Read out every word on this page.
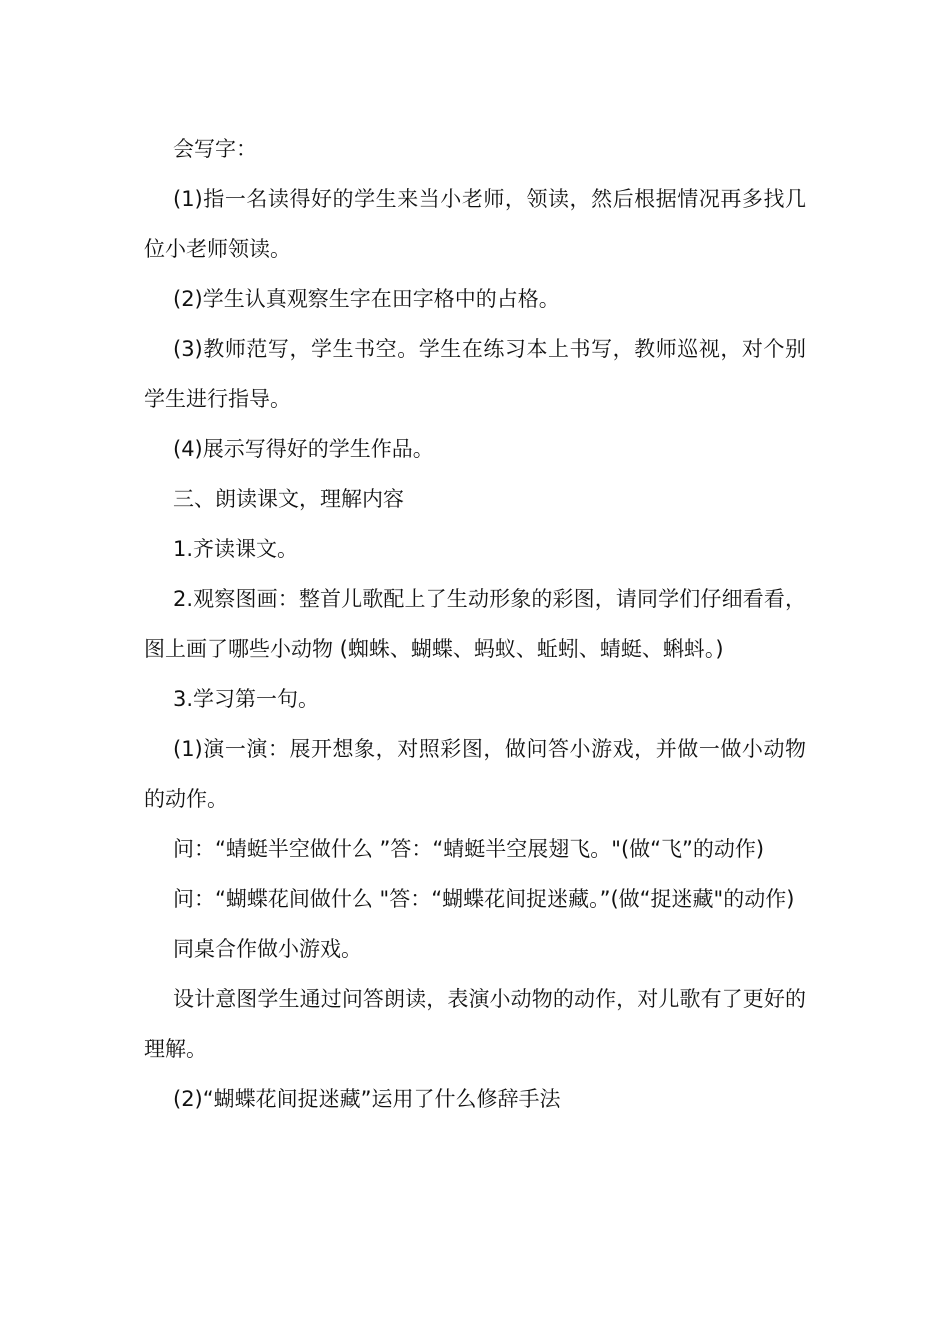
会写字：

(1)指一名读得好的学生来当小老师，领读，然后根据情况再多找几位小老师领读。

(2)学生认真观察生字在田字格中的占格。

(3)教师范写，学生书空。学生在练习本上书写，教师巡视，对个别学生进行指导。

(4)展示写得好的学生作品。

三、朗读课文，理解内容

1.齐读课文。

2.观察图画：整首儿歌配上了生动形象的彩图，请同学们仔细看看，图上画了哪些小动物 (蜘蛛、蝴蝶、蚂蚁、蚯蚓、蜻蜓、蝌蚪。)

3.学习第一句。

(1)演一演：展开想象，对照彩图，做问答小游戏，并做一做小动物的动作。

问：“蜻蜓半空做什么 ”答：“蜻蜓半空展翅飞。"(做“飞”的动作)

问：“蝴蝶花间做什么 "答：“蝴蝶花间捉迷藏。”(做“捉迷藏"的动作)

同桌合作做小游戏。

设计意图学生通过问答朗读，表演小动物的动作，对儿歌有了更好的理解。

(2)“蝴蝶花间捉迷藏”运用了什么修辞手法
